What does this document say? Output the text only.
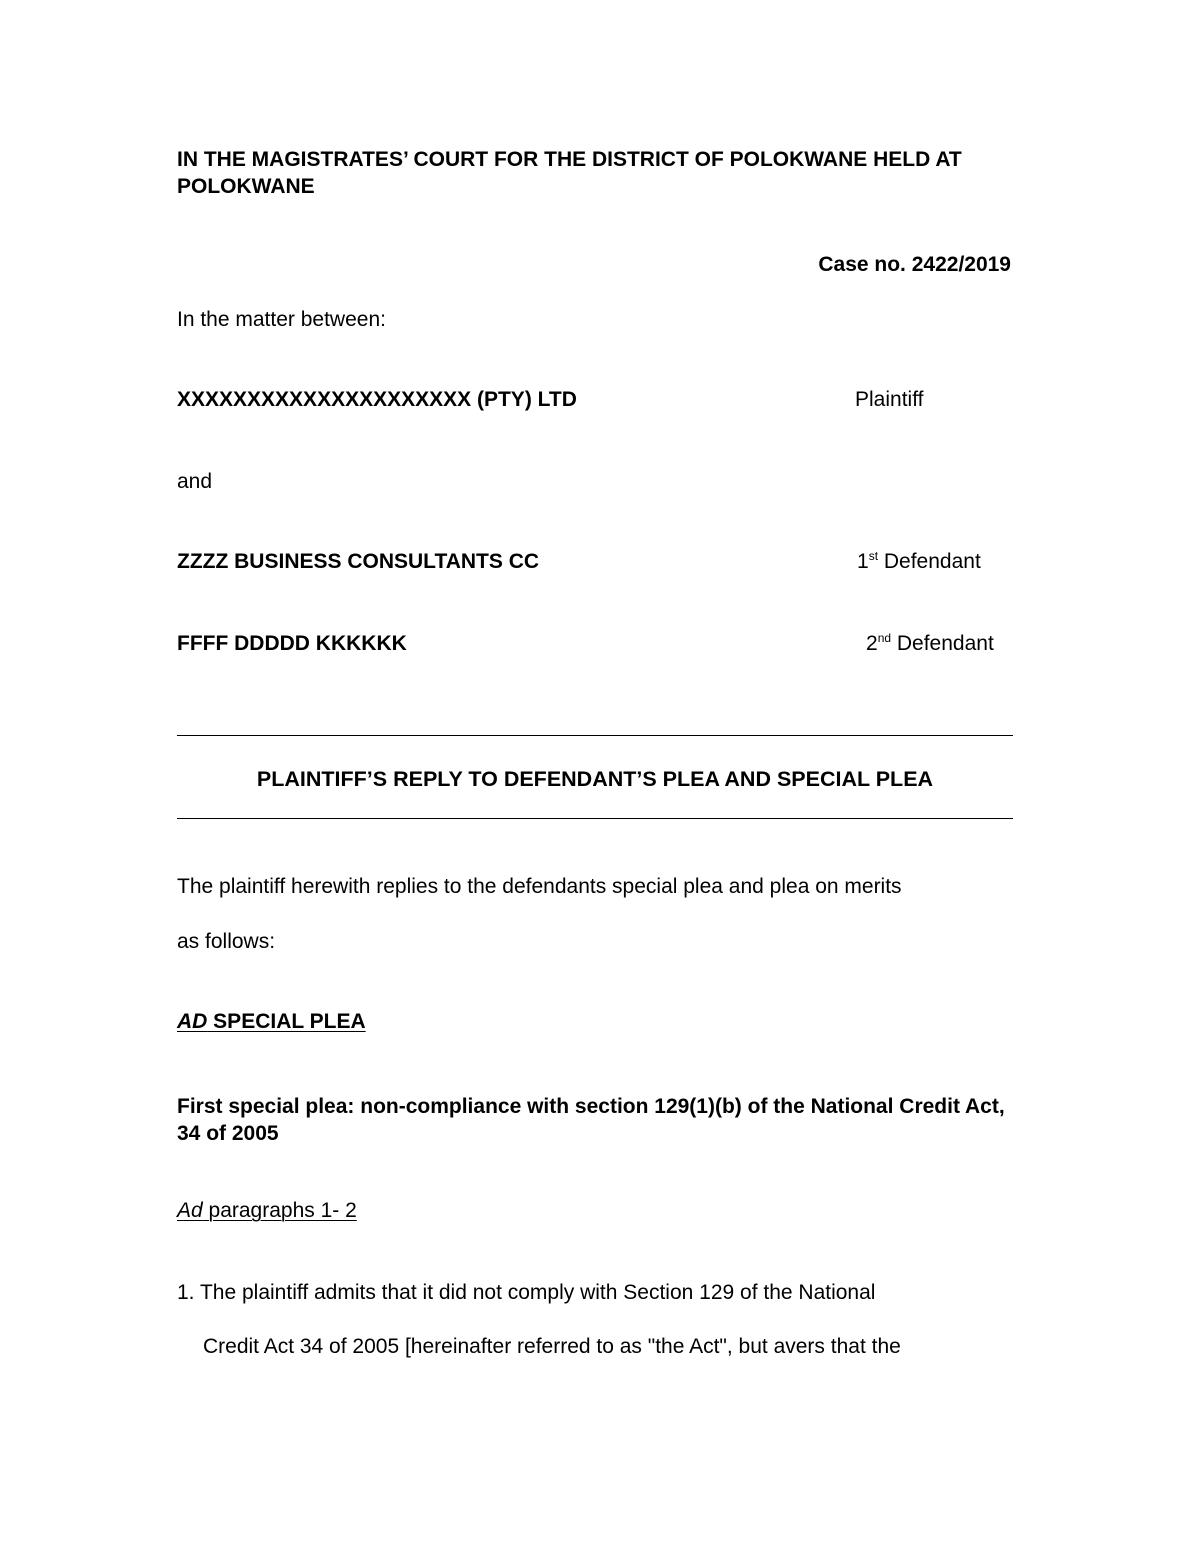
IN THE MAGISTRATES’ COURT FOR THE DISTRICT OF POLOKWANE HELD AT POLOKWANE
Case no. 2422/2019
In the matter between:
XXXXXXXXXXXXXXXXXXXXX (PTY) LTD	Plaintiff
and
ZZZZ BUSINESS CONSULTANTS CC	1st Defendant
FFFF DDDDD KKKKKK	2nd Defendant
PLAINTIFF’S REPLY TO DEFENDANT’S PLEA AND SPECIAL PLEA
The plaintiff herewith replies to the defendants special plea and plea on merits
as follows:
AD SPECIAL PLEA
First special plea: non-compliance with section 129(1)(b) of the National Credit Act, 34 of 2005
Ad paragraphs 1- 2
1. The plaintiff admits that it did not comply with Section 129 of the National
Credit Act 34 of 2005 [hereinafter referred to as "the Act", but avers that the
